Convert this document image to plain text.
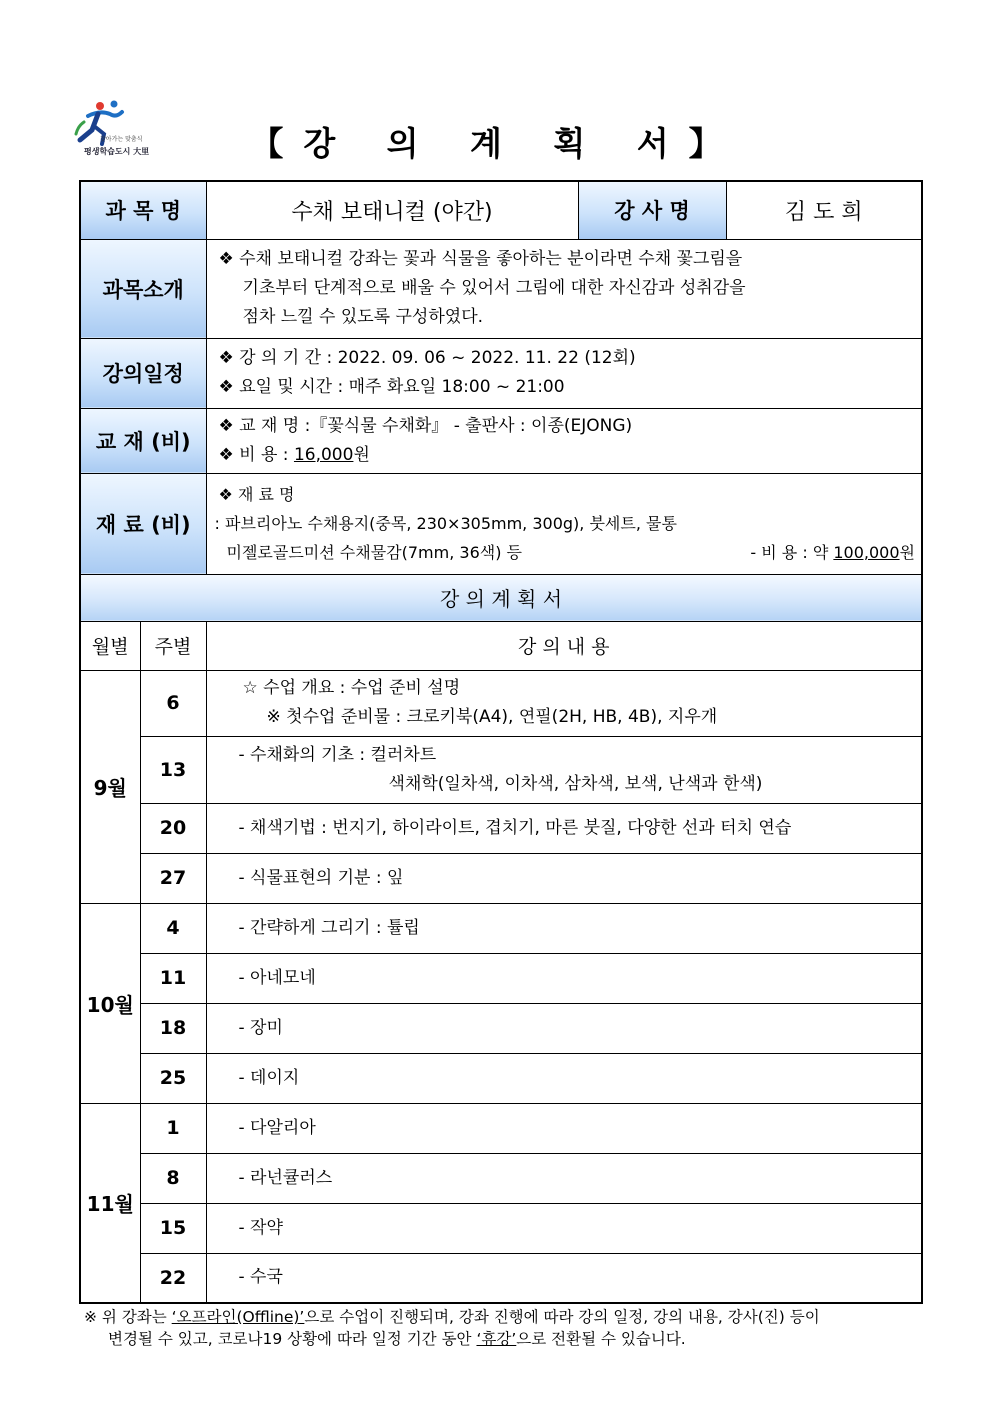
찾아가는 맞춤식
평생학습도시 大里	【강 의 계 획 서】
과 목 명		수채 보태니컬 (야간)	강 사 명	김 도 희
과목소개		❖ 수채 보태니컬 강좌는 꽃과 식물을 좋아하는 분이라면 수채 꽃그림을
기초부터 단계적으로 배울 수 있어서 그림에 대한 자신감과 성취감을
점차 느낄 수 있도록 구성하였다.		

강의일정		❖ 강 의 기 간 : 2022. 09. 06 ~ 2022. 11. 22 (12회)
❖ 요일 및 시간 : 매주 화요일 18:00 ~ 21:00		

교 재 (비)		❖ 교 재 명 :『꽃식물 수채화』 - 출판사 : 이종(EJONG)
❖ 비 용 : 16,000원		

재 료 (비)		❖ 재 료 명
: 파브리아노 수채용지(중목, 230×305mm, 300g), 붓세트, 물통
미젤로골드미션 수채물감(7mm, 36색) 등 - 비 용 : 약 100,000원		

강 의 계 획 서				
월별	주별	강 의 내 용		
9월	6	☆ 수업 개요 : 수업 준비 설명
※ 첫수업 준비물 : 크로키북(A4), 연필(2H, HB, 4B), 지우개		

	13	- 수채화의 기초 : 컬러차트
색채학(일차색, 이차색, 삼차색, 보색, 난색과 한색)		

	20	- 채색기법 : 번지기, 하이라이트, 겹치기, 마른 붓질, 다양한 선과 터치 연습		

	27	- 식물표현의 기분 : 잎		

10월	4	- 간략하게 그리기 : 튤립		

	11	- 아네모네		

	18	- 장미		

	25	- 데이지		

11월	1	- 다알리아		

	8	- 라넌큘러스		

	15	- 작약		

	22	- 수국		
※ 위 강좌는 ‘오프라인(Offline)’으로 수업이 진행되며, 강좌 진행에 따라 강의 일정, 강의 내용, 강사(진) 등이
변경될 수 있고, 코로나19 상황에 따라 일정 기간 동안 ‘휴강’으로 전환될 수 있습니다.
